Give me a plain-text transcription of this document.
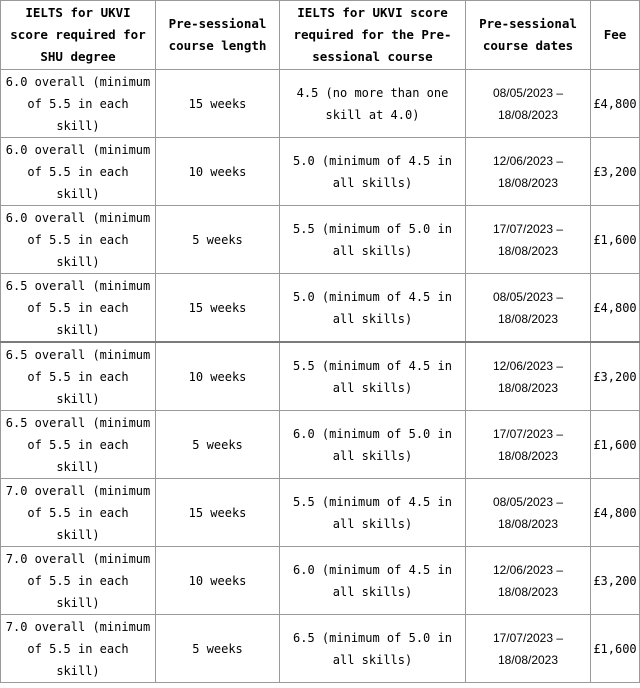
IELTS for UKVI score required for SHU degree	Pre-sessional course length	IELTS for UKVI score required for the Pre-sessional course	Pre-sessional course dates	Fee
6.0 overall (minimum of 5.5 in each skill)	15 weeks	4.5 (no more than one skill at 4.0)	08/05/2023 – 18/08/2023	£4,800
6.0 overall (minimum of 5.5 in each skill)	10 weeks	5.0 (minimum of 4.5 in all skills)	12/06/2023 – 18/08/2023	£3,200
6.0 overall (minimum of 5.5 in each skill)	5 weeks	5.5 (minimum of 5.0 in all skills)	17/07/2023 – 18/08/2023	£1,600
6.5 overall (minimum of 5.5 in each skill)	15 weeks	5.0 (minimum of 4.5 in all skills)	08/05/2023 – 18/08/2023	£4,800
6.5 overall (minimum of 5.5 in each skill)	10 weeks	5.5 (minimum of 4.5 in all skills)	12/06/2023 – 18/08/2023	£3,200
6.5 overall (minimum of 5.5 in each skill)	5 weeks	6.0 (minimum of 5.0 in all skills)	17/07/2023 – 18/08/2023	£1,600
7.0 overall (minimum of 5.5 in each skill)	15 weeks	5.5 (minimum of 4.5 in all skills)	08/05/2023 – 18/08/2023	£4,800
7.0 overall (minimum of 5.5 in each skill)	10 weeks	6.0 (minimum of 4.5 in all skills)	12/06/2023 – 18/08/2023	£3,200
7.0 overall (minimum of 5.5 in each skill)	5 weeks	6.5 (minimum of 5.0 in all skills)	17/07/2023 – 18/08/2023	£1,600
